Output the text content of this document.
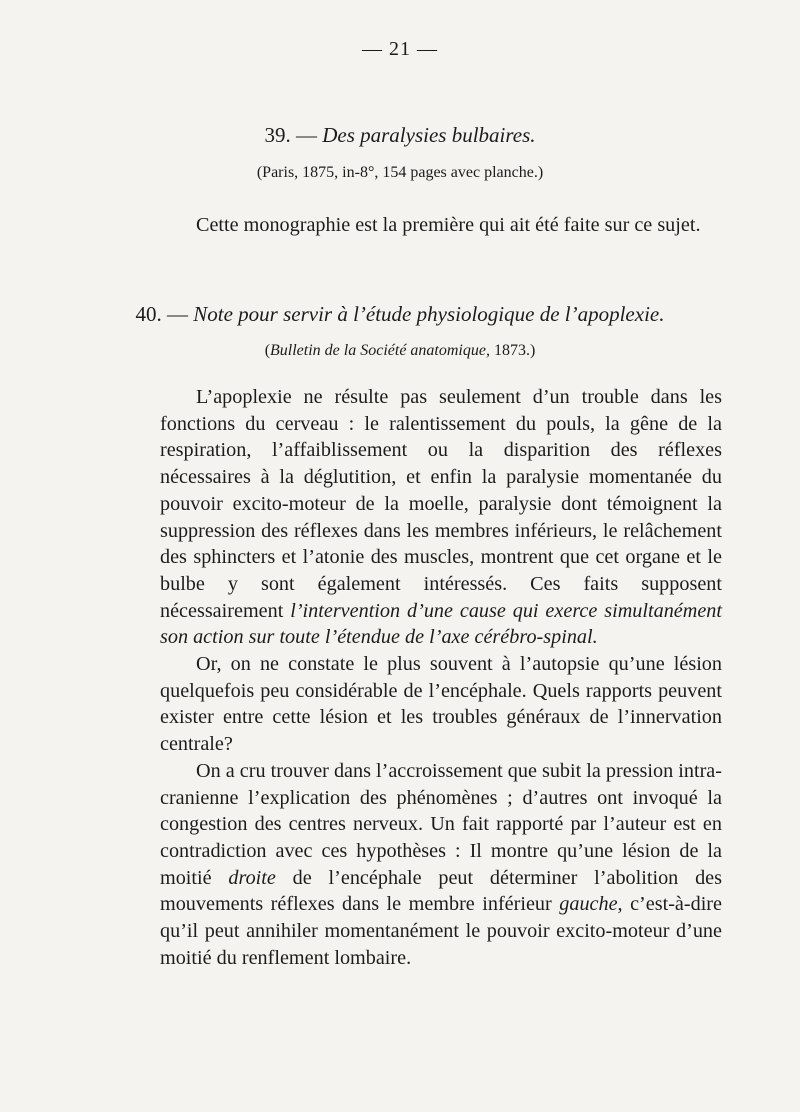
— 21 —
39. — Des paralysies bulbaires.
(Paris, 1875, in-8°, 154 pages avec planche.)

Cette monographie est la première qui ait été faite sur ce sujet.

40. — Note pour servir à l’étude physiologique de l’apoplexie.
(Bulletin de la Société anatomique, 1873.)

L’apoplexie ne résulte pas seulement d’un trouble dans les fonctions du cerveau : le ralentissement du pouls, la gêne de la respiration, l’affaiblissement ou la disparition des réflexes nécessaires à la déglutition, et enfin la paralysie momentanée du pouvoir excito-moteur de la moelle, paralysie dont témoignent la suppression des réflexes dans les membres inférieurs, le relâchement des sphincters et l’atonie des muscles, montrent que cet organe et le bulbe y sont également intéressés. Ces faits supposent nécessairement l’intervention d’une cause qui exerce simultanément son action sur toute l’étendue de l’axe cérébro-spinal.

Or, on ne constate le plus souvent à l’autopsie qu’une lésion quelquefois peu considérable de l’encéphale. Quels rapports peuvent exister entre cette lésion et les troubles généraux de l’innervation centrale?

On a cru trouver dans l’accroissement que subit la pression intra-cranienne l’explication des phénomènes ; d’autres ont invoqué la congestion des centres nerveux. Un fait rapporté par l’auteur est en contradiction avec ces hypothèses : Il montre qu’une lésion de la moitié droite de l’encéphale peut déterminer l’abolition des mouvements réflexes dans le membre inférieur gauche, c’est-à-dire qu’il peut annihiler momentanément le pouvoir excito-moteur d’une moitié du renflement lombaire.
